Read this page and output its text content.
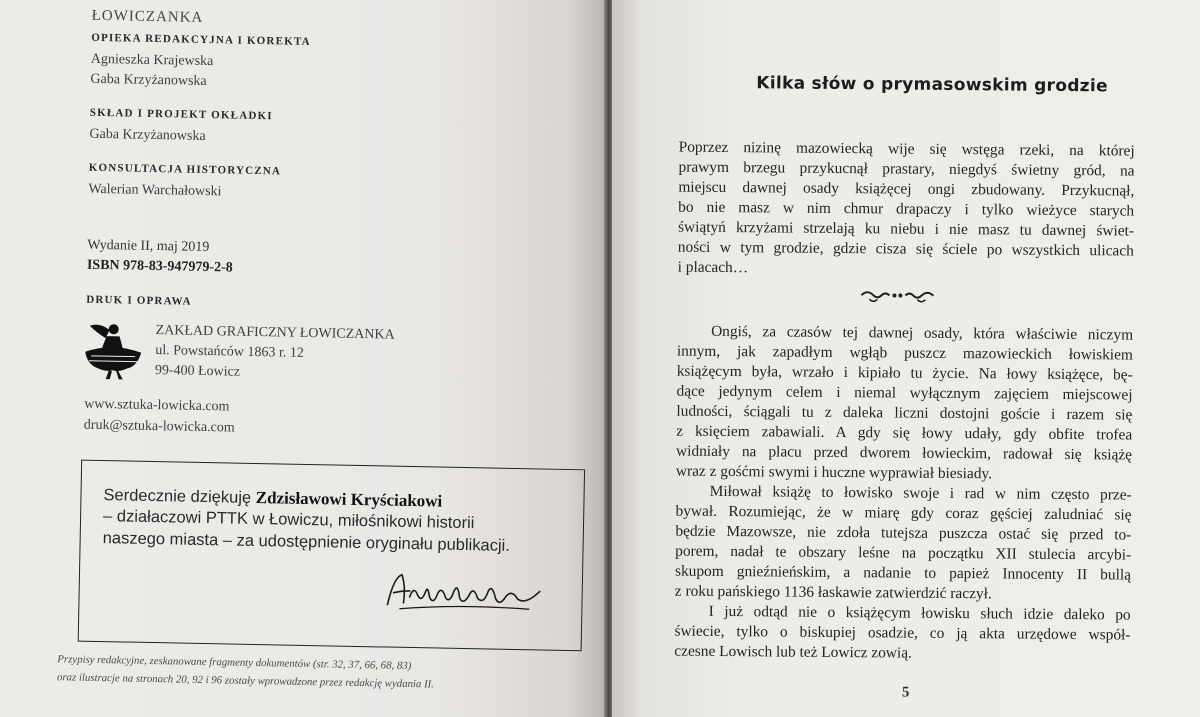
ŁOWICZANKA
OPIEKA REDAKCYJNA I KOREKTA
Agnieszka Krajewska
Gaba Krzyżanowska
SKŁAD I PROJEKT OKŁADKI
Gaba Krzyżanowska
KONSULTACJA HISTORYCZNA
Walerian Warchałowski
Wydanie II, maj 2019
ISBN 978-83-947979-2-8
DRUK I OPRAWA
ZAKŁAD GRAFICZNY ŁOWICZANKA
ul. Powstańców 1863 r. 12
99-400 Łowicz
www.sztuka-lowicka.com
druk@sztuka-lowicka.com
Serdecznie dziękuję Zdzisławowi Kryściakowi
– działaczowi PTTK w Łowiczu, miłośnikowi historii
naszego miasta – za udostępnienie oryginału publikacji.
Przypisy redakcyjne, zeskanowane fragmenty dokumentów (str. 32, 37, 66, 68, 83)
oraz ilustracje na stronach 20, 92 i 96 zostały wprowadzone przez redakcję wydania II.
Kilka słów o prymasowskim grodzie
Poprzez nizinę mazowiecką wije się wstęga rzeki, na której
prawym brzegu przykucnął prastary, niegdyś świetny gród, na
miejscu dawnej osady książęcej ongi zbudowany. Przykucnął,
bo nie masz w nim chmur drapaczy i tylko wieżyce starych
świątyń krzyżami strzelają ku niebu i nie masz tu dawnej świet-
ności w tym grodzie, gdzie cisza się ściele po wszystkich ulicach
i placach…
Ongiś, za czasów tej dawnej osady, która właściwie niczym
innym, jak zapadłym wgłąb puszcz mazowieckich łowiskiem
książęcym była, wrzało i kipiało tu życie. Na łowy książęce, bę-
dące jedynym celem i niemal wyłącznym zajęciem miejscowej
ludności, ściągali tu z daleka liczni dostojni goście i razem się
z księciem zabawiali. A gdy się łowy udały, gdy obfite trofea
widniały na placu przed dworem łowieckim, radował się książę
wraz z gośćmi swymi i huczne wyprawiał biesiady.
Miłował książę to łowisko swoje i rad w nim często prze-
bywał. Rozumiejąc, że w miarę gdy coraz gęściej zaludniać się
będzie Mazowsze, nie zdoła tutejsza puszcza ostać się przed to-
porem, nadał te obszary leśne na początku XII stulecia arcybi-
skupom gnieźnieńskim, a nadanie to papież Innocenty II bullą
z roku pańskiego 1136 łaskawie zatwierdzić raczył.
I już odtąd nie o książęcym łowisku słuch idzie daleko po
świecie, tylko o biskupiej osadzie, co ją akta urzędowe współ-
czesne Lowisch lub też Lowicz zowią.
5
